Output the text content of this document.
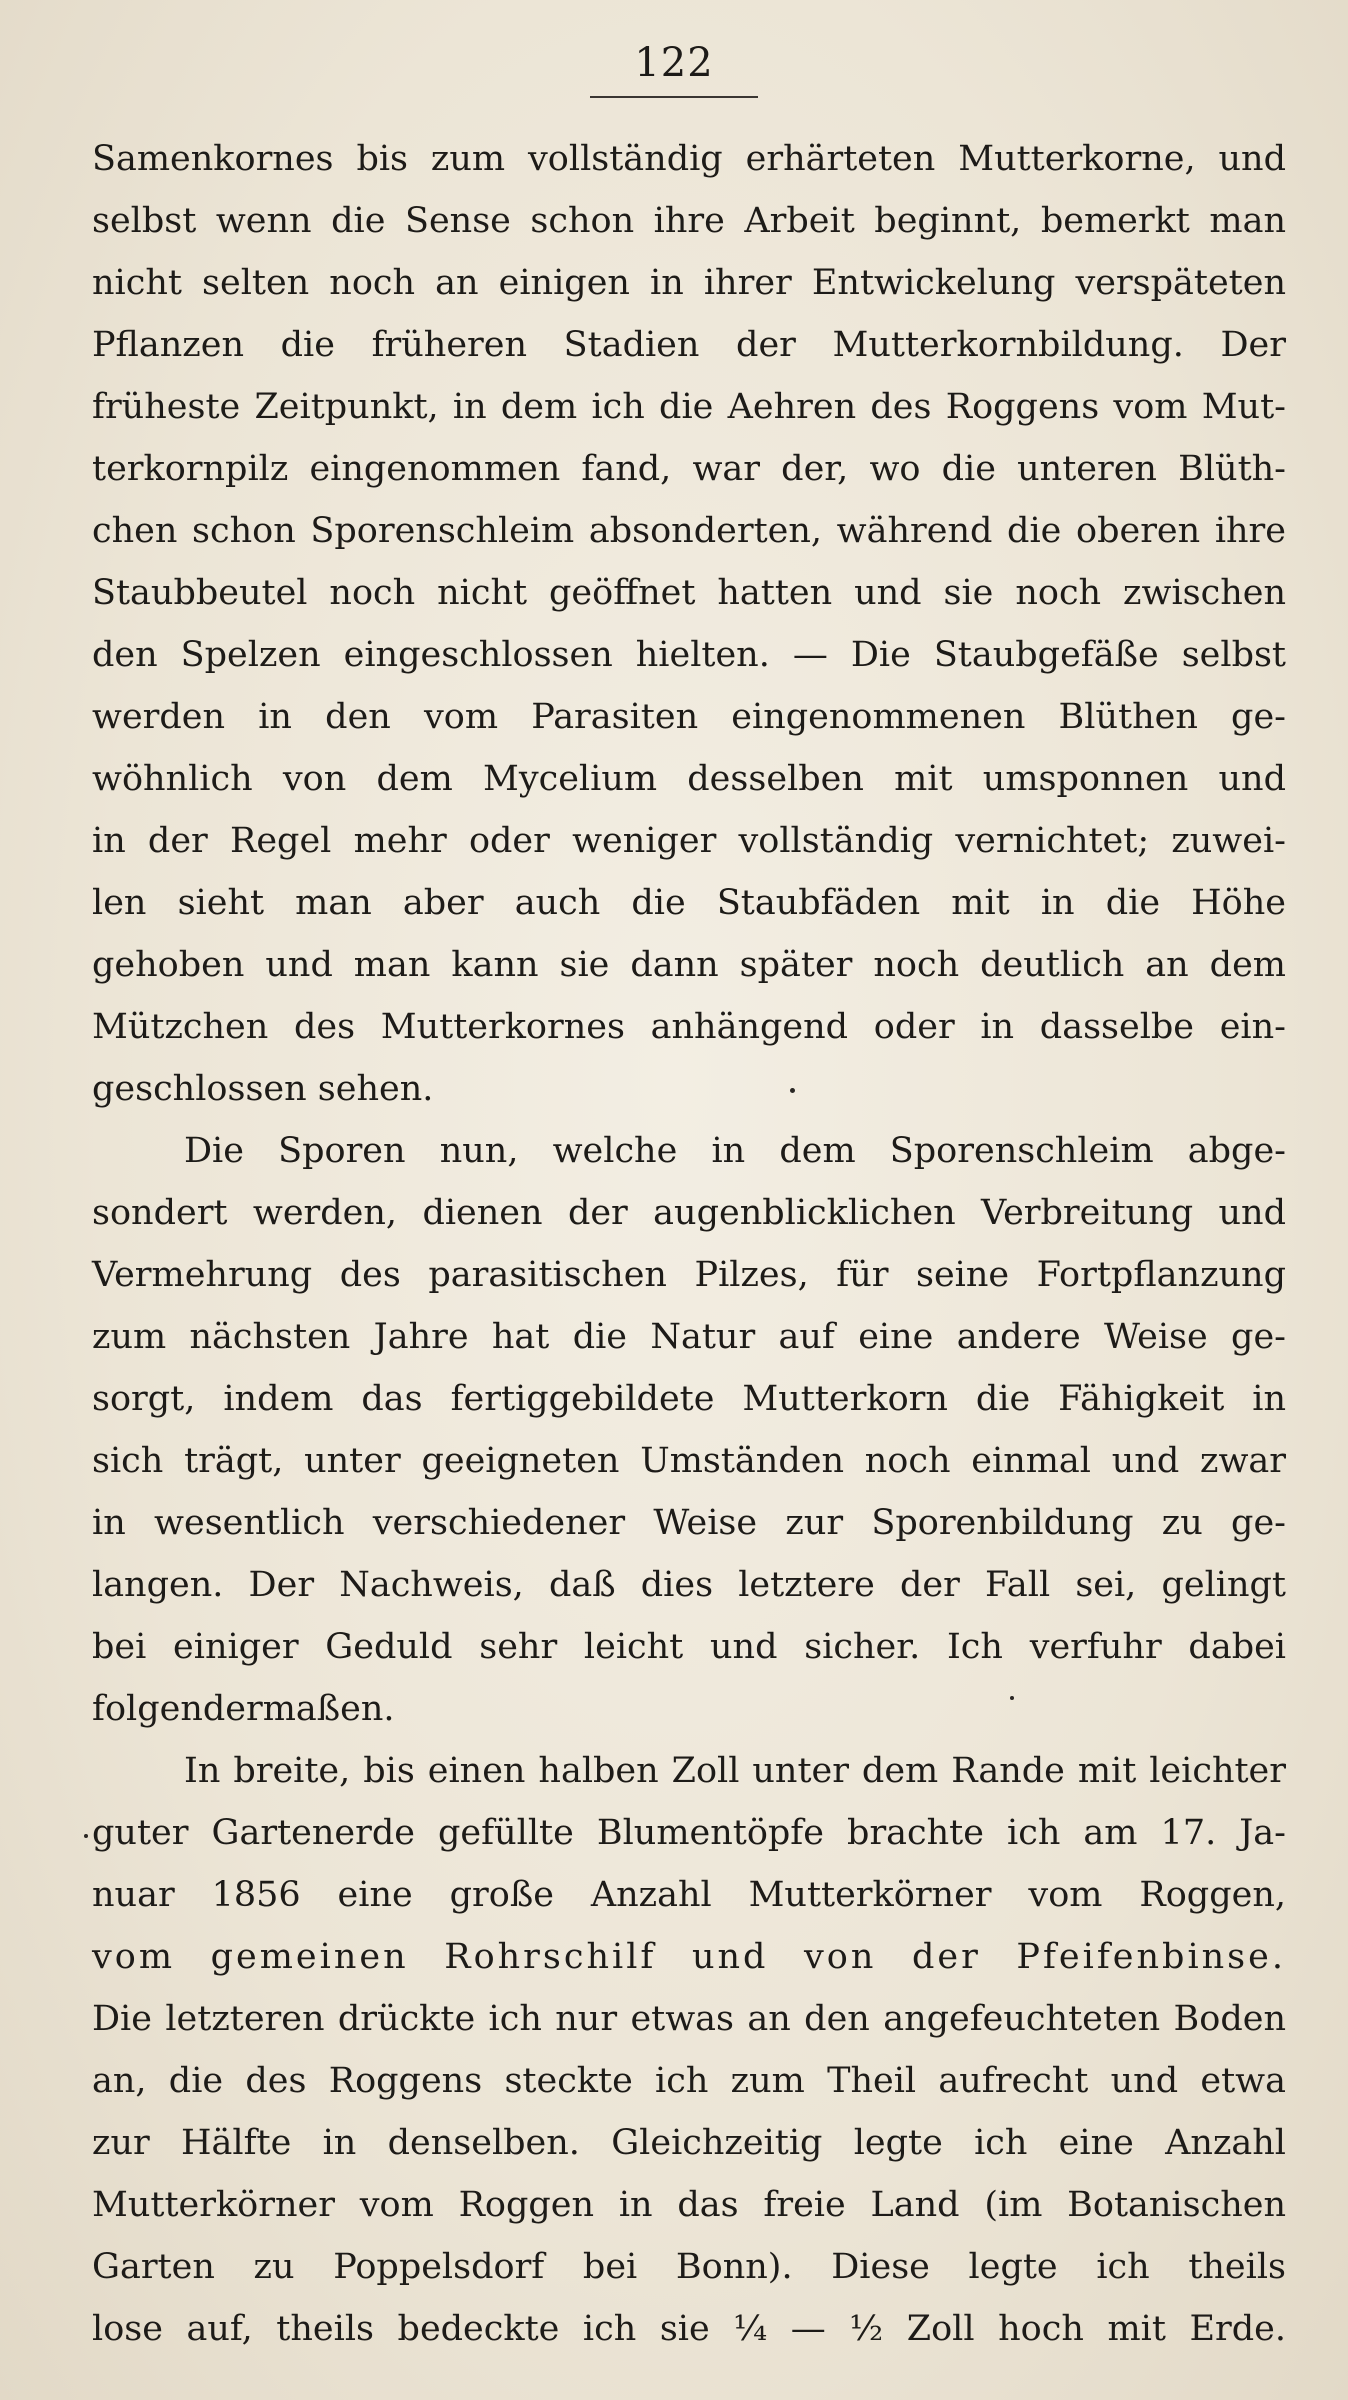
122
Samenkornes bis zum vollständig erhärteten Mutterkorne, und
selbst wenn die Sense schon ihre Arbeit beginnt, bemerkt man
nicht selten noch an einigen in ihrer Entwickelung verspäteten
Pflanzen die früheren Stadien der Mutterkornbildung. Der
früheste Zeitpunkt, in dem ich die Aehren des Roggens vom Mut-
terkornpilz eingenommen fand, war der, wo die unteren Blüth-
chen schon Sporenschleim absonderten, während die oberen ihre
Staubbeutel noch nicht geöffnet hatten und sie noch zwischen
den Spelzen eingeschlossen hielten. — Die Staubgefäße selbst
werden in den vom Parasiten eingenommenen Blüthen ge-
wöhnlich von dem Mycelium desselben mit umsponnen und
in der Regel mehr oder weniger vollständig vernichtet; zuwei-
len sieht man aber auch die Staubfäden mit in die Höhe
gehoben und man kann sie dann später noch deutlich an dem
Mützchen des Mutterkornes anhängend oder in dasselbe ein-
geschlossen sehen.
Die Sporen nun, welche in dem Sporenschleim abge-
sondert werden, dienen der augenblicklichen Verbreitung und
Vermehrung des parasitischen Pilzes, für seine Fortpflanzung
zum nächsten Jahre hat die Natur auf eine andere Weise ge-
sorgt, indem das fertiggebildete Mutterkorn die Fähigkeit in
sich trägt, unter geeigneten Umständen noch einmal und zwar
in wesentlich verschiedener Weise zur Sporenbildung zu ge-
langen. Der Nachweis, daß dies letztere der Fall sei, gelingt
bei einiger Geduld sehr leicht und sicher. Ich verfuhr dabei
folgendermaßen.
In breite, bis einen halben Zoll unter dem Rande mit leichter
guter Gartenerde gefüllte Blumentöpfe brachte ich am 17. Ja-
nuar 1856 eine große Anzahl Mutterkörner vom Roggen,
vom gemeinen Rohrschilf und von der Pfeifenbinse.
Die letzteren drückte ich nur etwas an den angefeuchteten Boden
an, die des Roggens steckte ich zum Theil aufrecht und etwa
zur Hälfte in denselben. Gleichzeitig legte ich eine Anzahl
Mutterkörner vom Roggen in das freie Land (im Botanischen
Garten zu Poppelsdorf bei Bonn). Diese legte ich theils
lose auf, theils bedeckte ich sie ¼ — ½ Zoll hoch mit Erde.
